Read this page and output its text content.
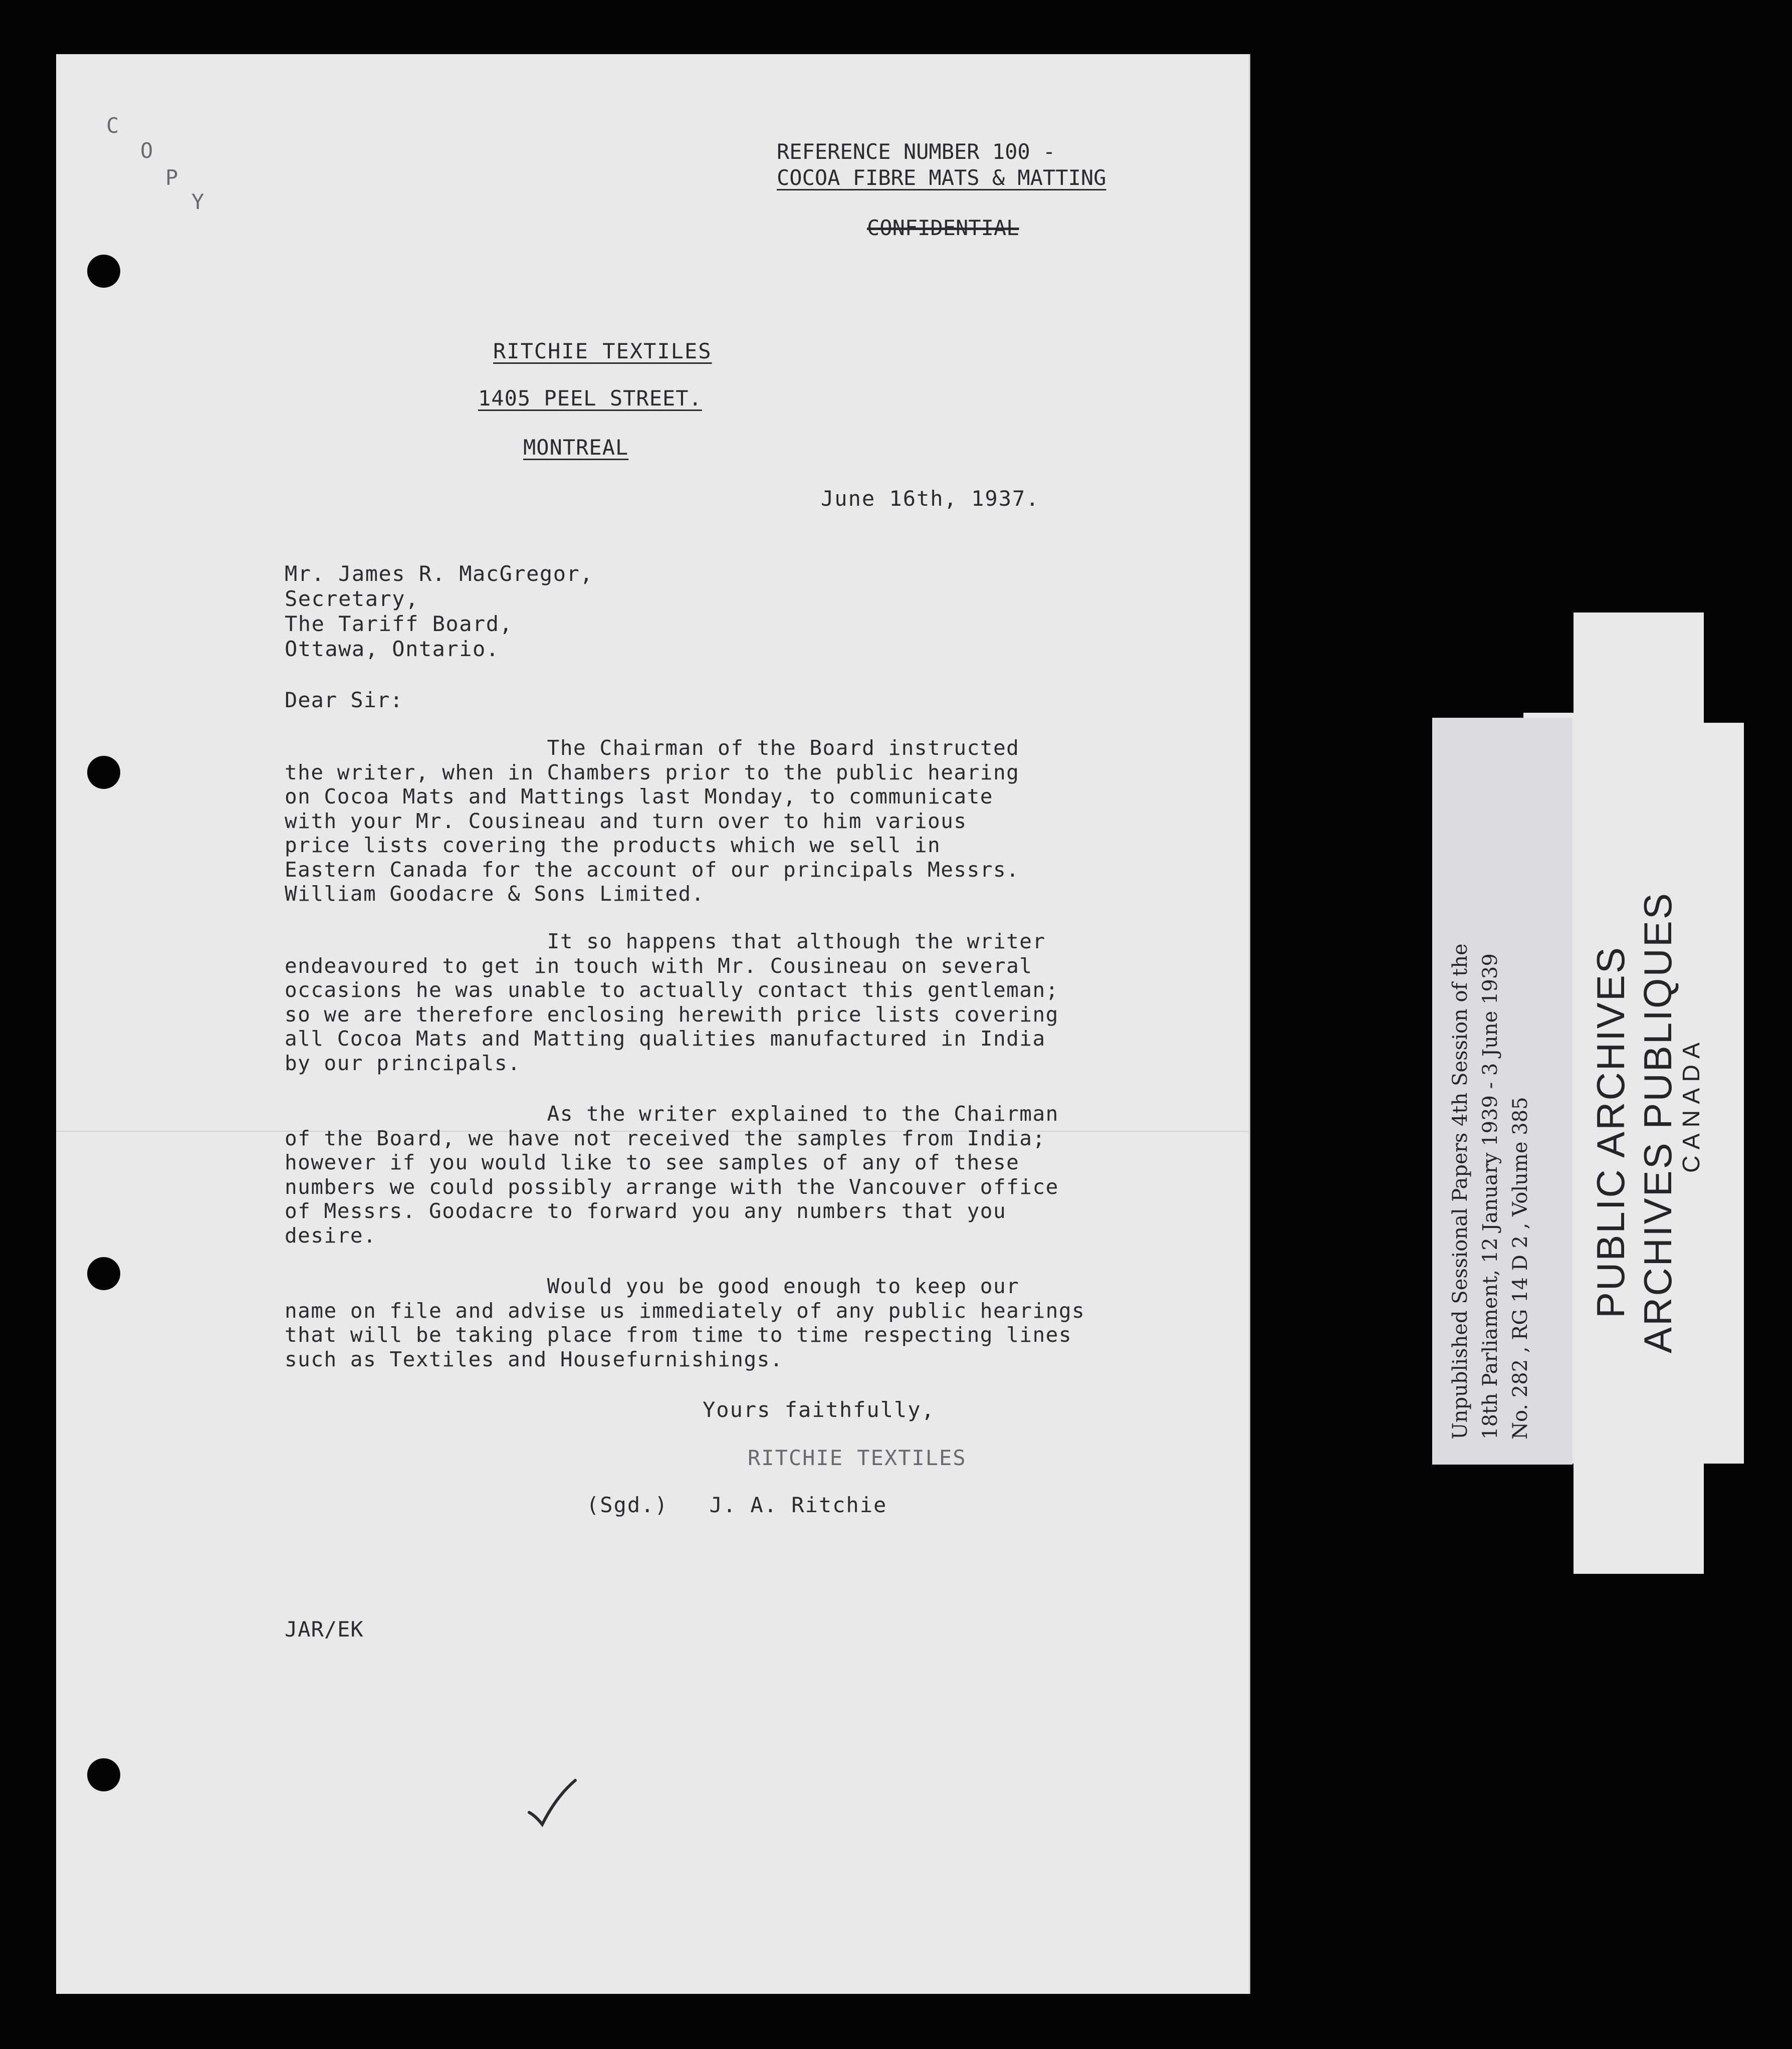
C
O
P
Y
REFERENCE NUMBER 100 -
COCOA FIBRE MATS & MATTING
CONFIDENTIAL
RITCHIE TEXTILES
1405 PEEL STREET.
MONTREAL
June 16th, 1937.
Mr. James R. MacGregor,
Secretary,
The Tariff Board,
Ottawa, Ontario.
Dear Sir:
The Chairman of the Board instructed
the writer, when in Chambers prior to the public hearing
on Cocoa Mats and Mattings last Monday, to communicate
with your Mr. Cousineau and turn over to him various
price lists covering the products which we sell in
Eastern Canada for the account of our principals Messrs.
William Goodacre & Sons Limited.
It so happens that although the writer
endeavoured to get in touch with Mr. Cousineau on several
occasions he was unable to actually contact this gentleman;
so we are therefore enclosing herewith price lists covering
all Cocoa Mats and Matting qualities manufactured in India
by our principals.
As the writer explained to the Chairman
of the Board, we have not received the samples from India;
however if you would like to see samples of any of these
numbers we could possibly arrange with the Vancouver office
of Messrs. Goodacre to forward you any numbers that you
desire.
Would you be good enough to keep our
name on file and advise us immediately of any public hearings
that will be taking place from time to time respecting lines
such as Textiles and Housefurnishings.
Yours faithfully,
RITCHIE TEXTILES
(Sgd.)   J. A. Ritchie
JAR/EK
Unpublished Sessional Papers 4th Session of the 18th Parliament, 12 January 1939 - 3 June 1939 No. 282 , RG 14 D 2 , Volume 385 PUBLIC ARCHIVES ARCHIVES PUBLIQUES
CANADA
